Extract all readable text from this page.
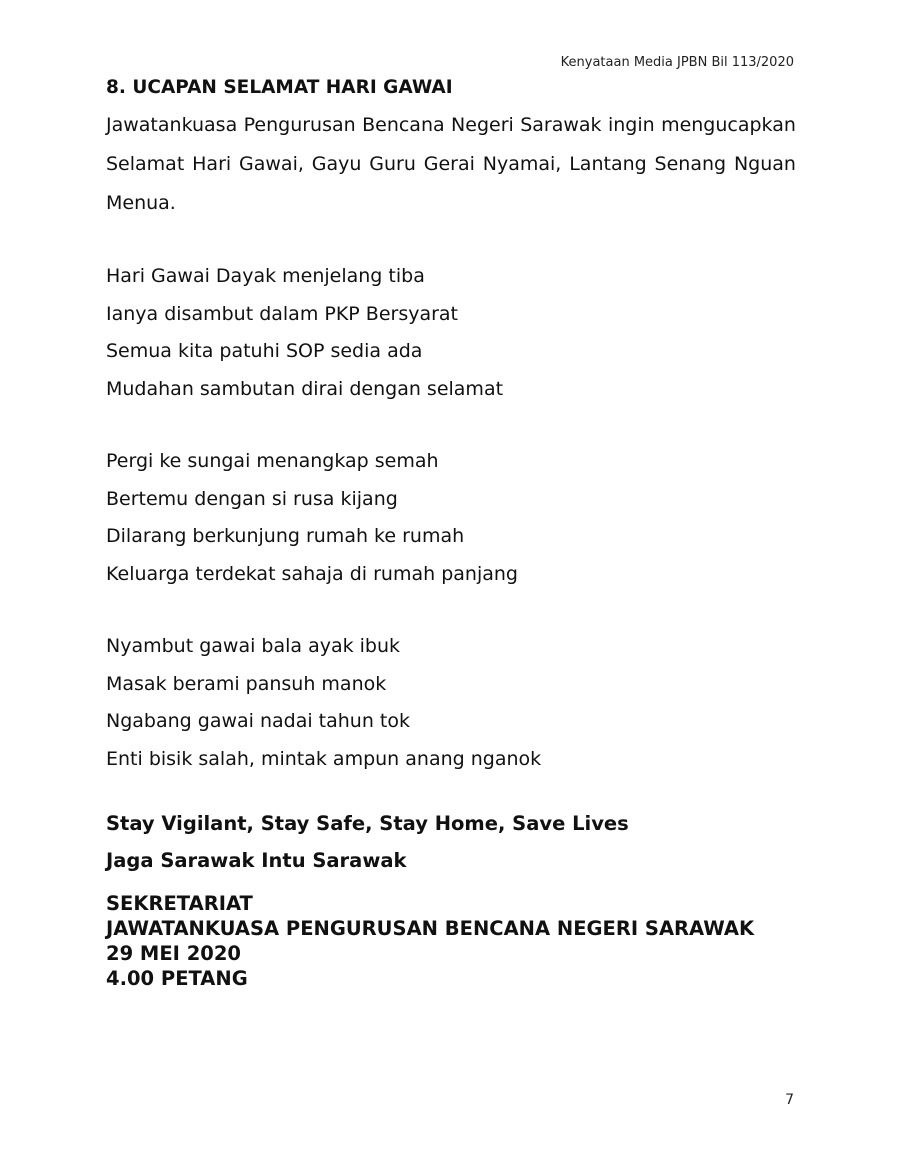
Kenyataan Media JPBN Bil 113/2020
8. UCAPAN SELAMAT HARI GAWAI
Jawatankuasa Pengurusan Bencana Negeri Sarawak ingin mengucapkan
Selamat Hari Gawai, Gayu Guru Gerai Nyamai, Lantang Senang Nguan
Menua.
Hari Gawai Dayak menjelang tiba
Ianya disambut dalam PKP Bersyarat
Semua kita patuhi SOP sedia ada
Mudahan sambutan dirai dengan selamat
Pergi ke sungai menangkap semah
Bertemu dengan si rusa kijang
Dilarang berkunjung rumah ke rumah
Keluarga terdekat sahaja di rumah panjang
Nyambut gawai bala ayak ibuk
Masak berami pansuh manok
Ngabang gawai nadai tahun tok
Enti bisik salah, mintak ampun anang nganok
Stay Vigilant, Stay Safe, Stay Home, Save Lives
Jaga Sarawak Intu Sarawak
SEKRETARIAT
JAWATANKUASA PENGURUSAN BENCANA NEGERI SARAWAK
29 MEI 2020
4.00 PETANG
7
